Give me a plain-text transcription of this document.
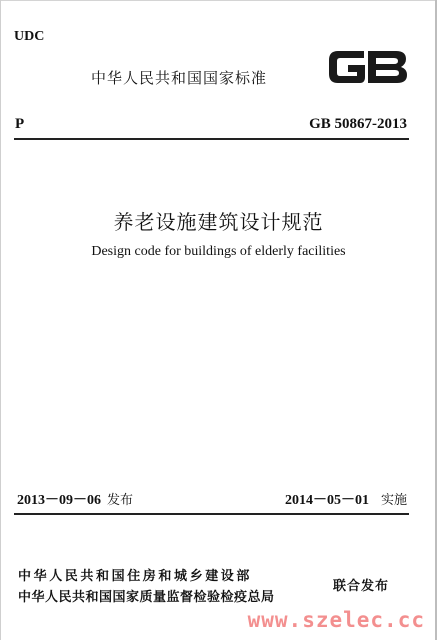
UDC
中华人民共和国国家标准
P	GB 50867-2013
养老设施建筑设计规范
Design code for buildings of elderly facilities
2013－09－06 发布	2014－05－01 实施
中华人民共和国住房和城乡建设部
中华人民共和国国家质量监督检验检疫总局
联合发布
www.szelec.cc
